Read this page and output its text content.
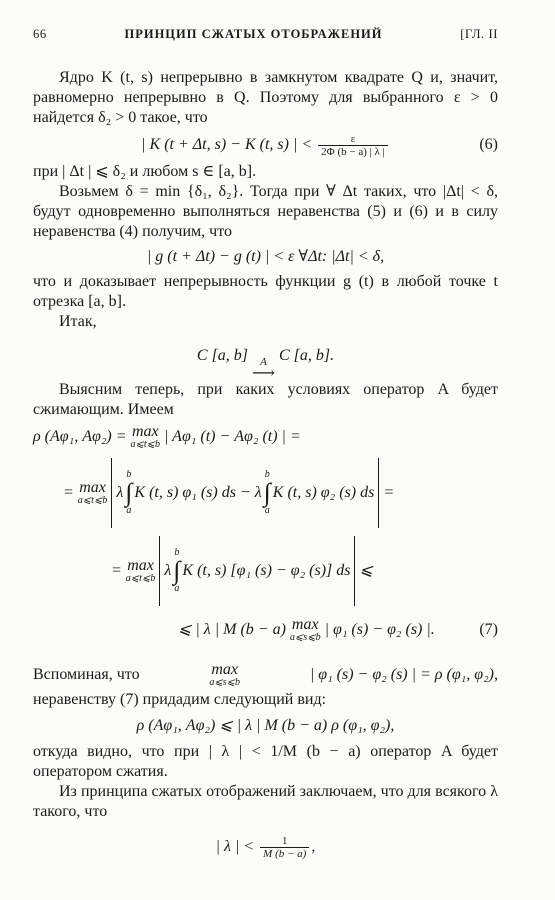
66	ПРИНЦИП СЖАТЫХ ОТОБРАЖЕНИЙ	[ГЛ. II
Ядро K (t, s) непрерывно в замкнутом квадрате Q и, значит, равномерно непрерывно в Q. Поэтому для выбранного ε > 0 найдется δ₂ > 0 такое, что
| K (t + Δt, s) − K (t, s) | < $\frac{\varepsilon}{2\Phi (b - a) | \lambda |}$	(6)
при | Δt | ⩽ δ₂ и любом s ∈ [a, b].
Возьмем δ = min {δ₁, δ₂}. Тогда при ∀ Δt таких, что |Δt| < δ, будут одновременно выполняться неравенства (5) и (6) и в силу неравенства (4) получим, что
| g (t + Δt) − g (t) | < ε ∀Δt: |Δt| < δ,
что и доказывает непрерывность функции g (t) в любой точке t отрезка [a, b].
Итак,
C [a, b] A
⟶
C [a, b].
Выясним теперь, при каких условиях оператор A будет сжимающим. Имеем
ρ (Aφ₁, Aφ₂) =
max
a⩽t⩽b
| Aφ₁ (t) − Aφ₂ (t) | =
=
max
a⩽t⩽b λ
b
∫
a
K (t, s) φ₁ (s) ds − λ
b
∫
a
K (t, s) φ₂ (s) ds =
=
max
a⩽t⩽b λ
b
∫
a
K (t, s) [φ₁ (s) − φ₂ (s)] ds ⩽
⩽ | λ | M (b − a)
max
a⩽s⩽b
| φ₁ (s) − φ₂ (s) |.	(7)
Вспоминая, что	max
a⩽s⩽b	| φ₁ (s) − φ₂ (s) | = ρ (φ₁, φ₂),
неравенству (7) придадим следующий вид:
ρ (Aφ₁, Aφ₂) ⩽ | λ | M (b − a) ρ (φ₁, φ₂),
откуда видно, что при | λ | < 1/M (b − a) оператор A будет оператором сжатия.
Из принципа сжатых отображений заключаем, что для всякого λ такого, что
| λ | < $\frac{1}{M (b - a)}$ ,
